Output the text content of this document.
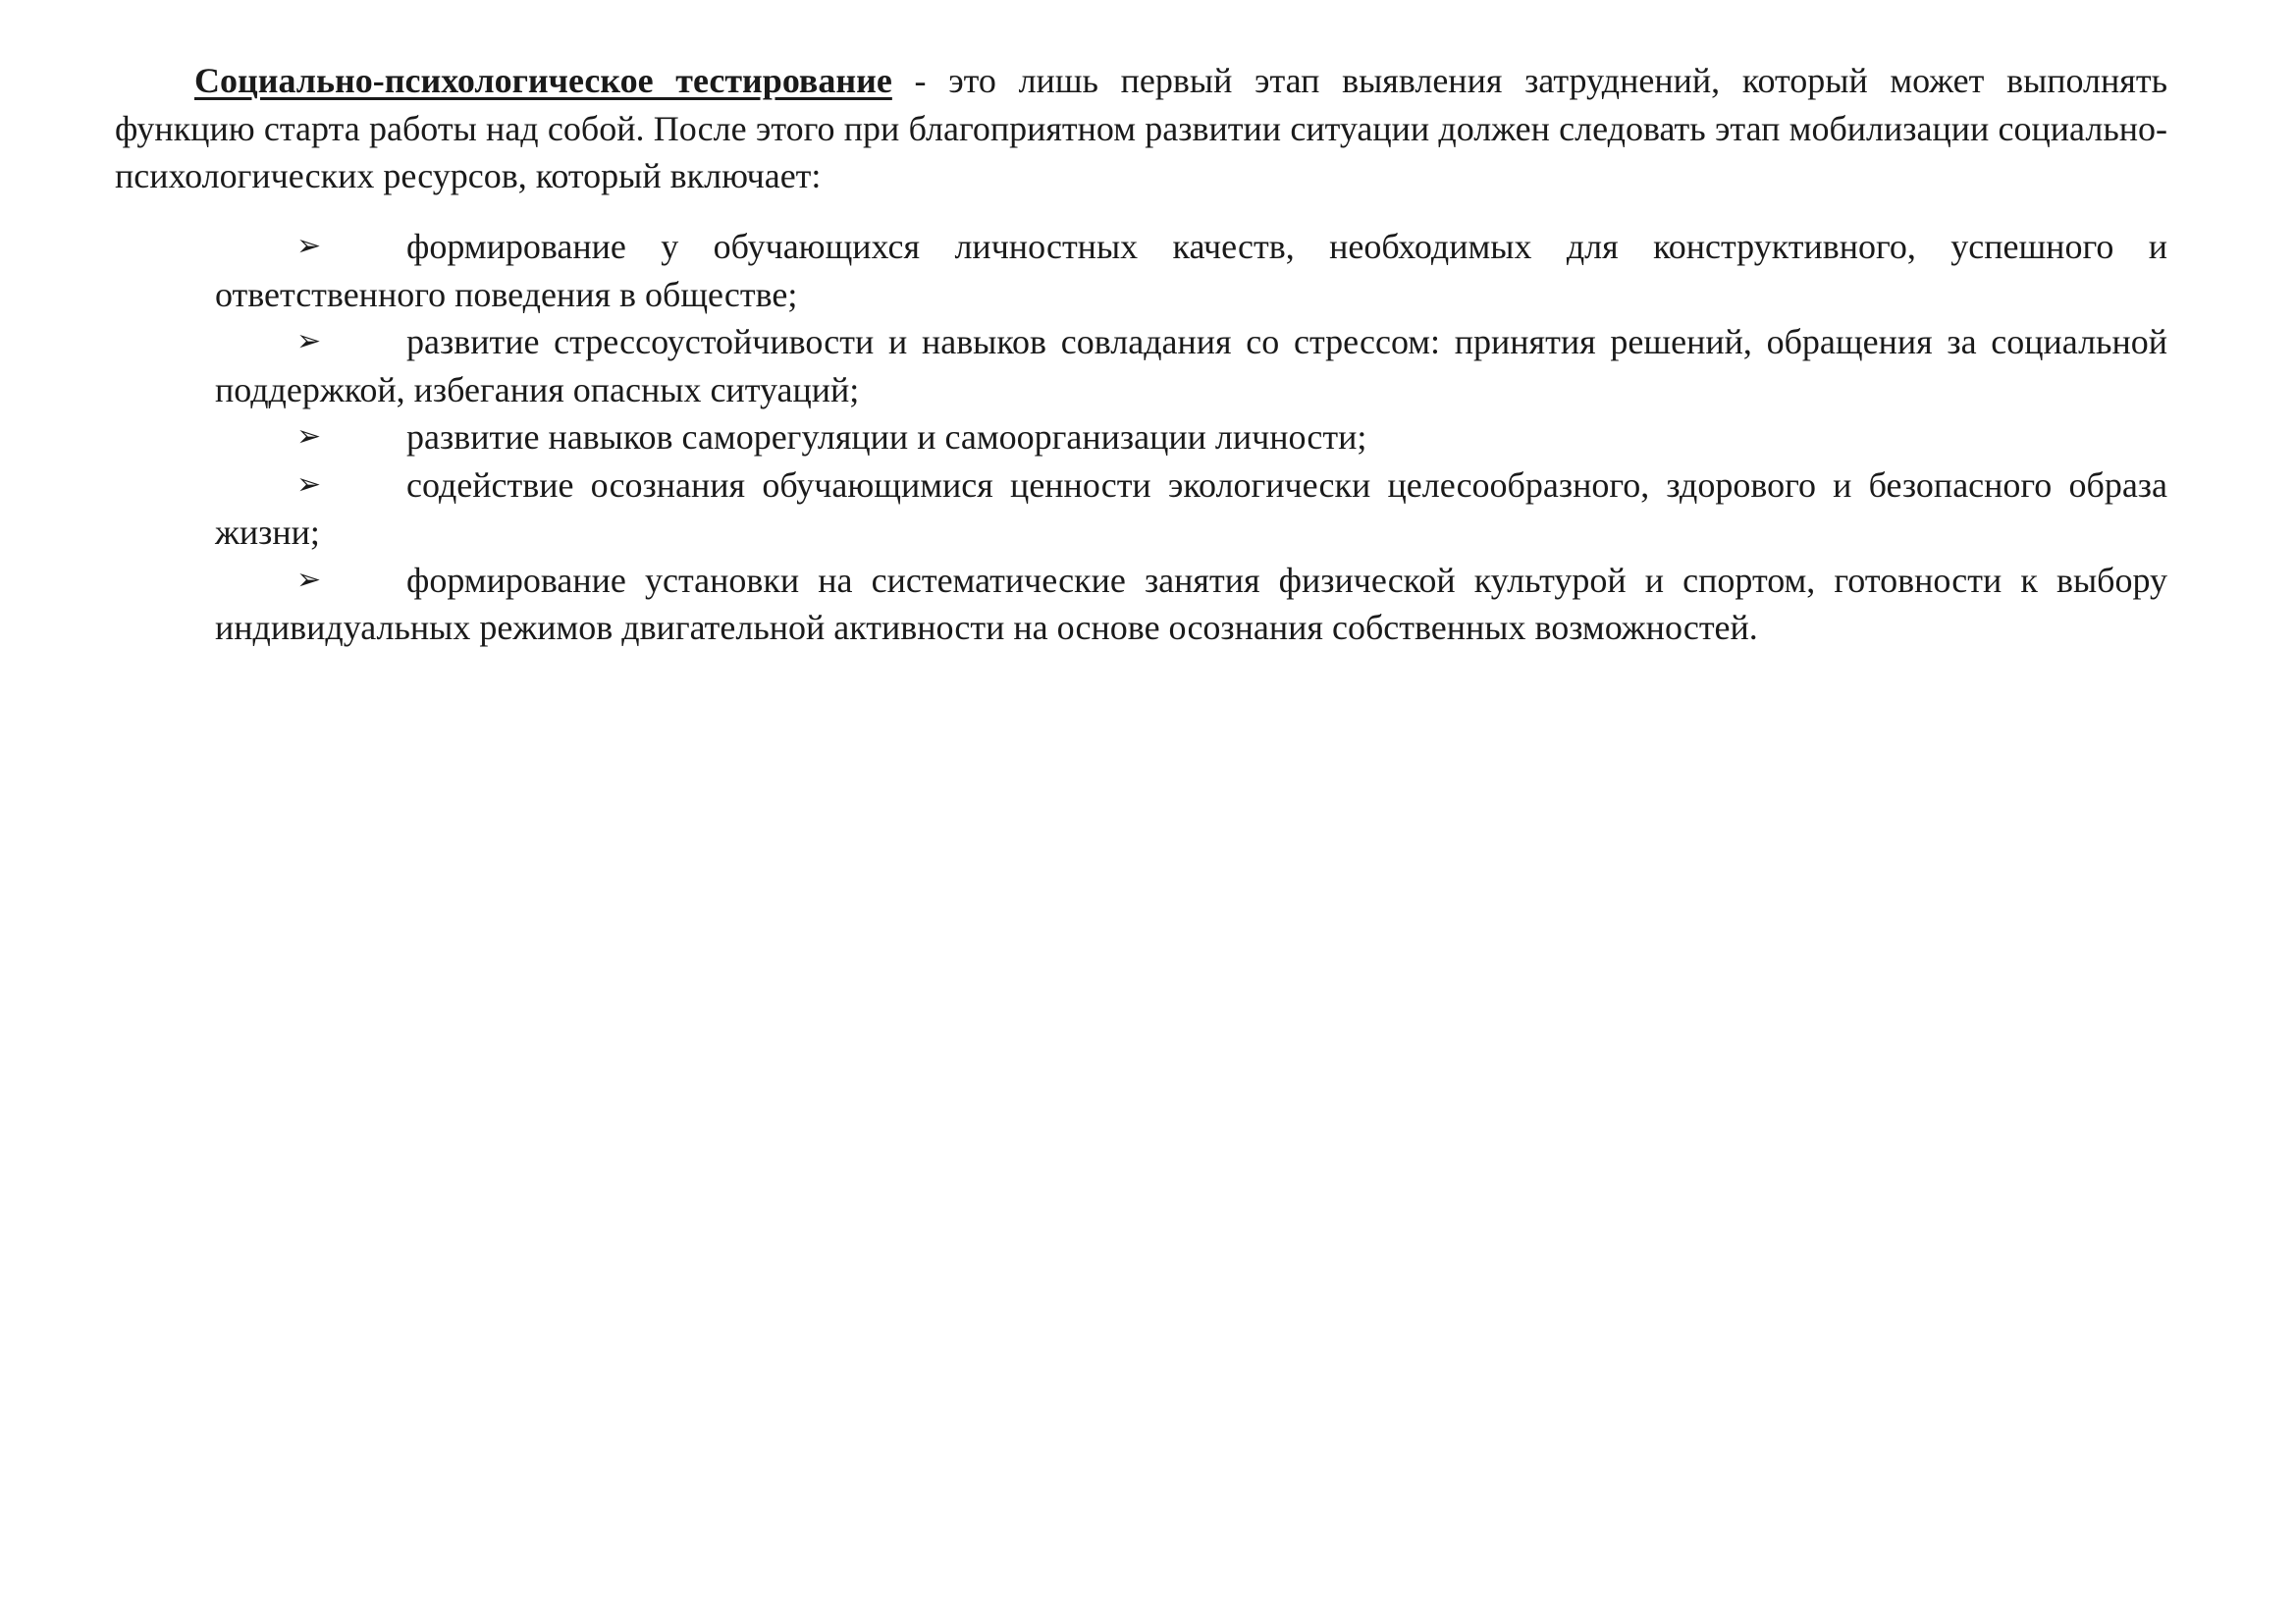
Социально-психологическое тестирование - это лишь первый этап выявления затруднений, который может выполнять функцию старта работы над собой. После этого при благоприятном развитии ситуации должен следовать этап мобилизации социально-психологических ресурсов, который включает:

➢ формирование у обучающихся личностных качеств, необходимых для конструктивного, успешного и ответственного поведения в обществе;
➢ развитие стрессоустойчивости и навыков совладания со стрессом: принятия решений, обращения за социальной поддержкой, избегания опасных ситуаций;
➢ развитие навыков саморегуляции и самоорганизации личности;
➢ содействие осознания обучающимися ценности экологически целесообразного, здорового и безопасного образа жизни;
➢ формирование установки на систематические занятия физической культурой и спортом, готовности к выбору индивидуальных режимов двигательной активности на основе осознания собственных возможностей.
